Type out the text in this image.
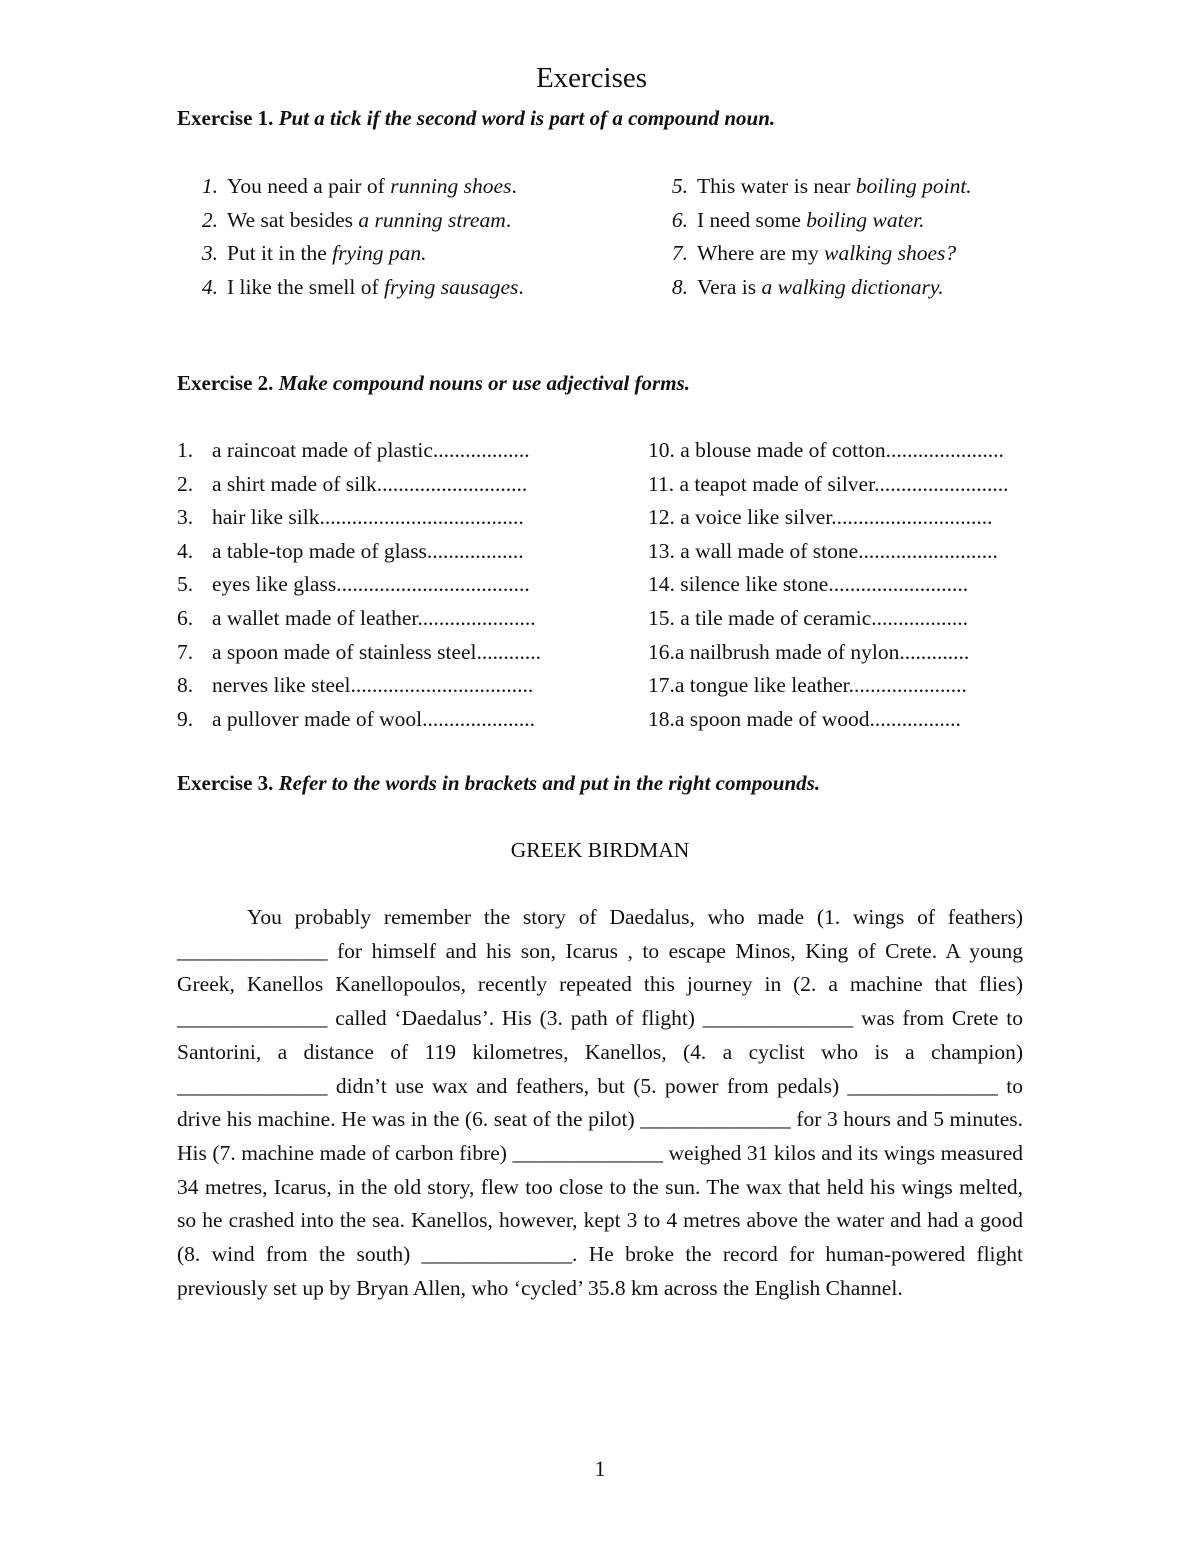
Exercises
Exercise 1. Put a tick if the second word is part of a compound noun.
1. You need a pair of running shoes.
2. We sat besides a running stream.
3. Put it in the frying pan.
4. I like the smell of frying sausages.
5. This water is near boiling point.
6. I need some boiling water.
7. Where are my walking shoes?
8. Vera is a walking dictionary.
Exercise 2. Make compound nouns or use adjectival forms.
1. a raincoat made of plastic..................
2. a shirt made of silk............................
3. hair like silk......................................
4. a table-top made of glass..................
5. eyes like glass....................................
6. a wallet made of leather......................
7. a spoon made of stainless steel............
8. nerves like steel..................................
9. a pullover made of wool.....................
10. a blouse made of cotton......................
11. a teapot made of silver.........................
12. a voice like silver..............................
13. a wall made of stone..........................
14. silence like stone..........................
15. a tile made of ceramic..................
16.a nailbrush made of nylon.............
17.a tongue like leather......................
18.a spoon made of wood.................
Exercise 3. Refer to the words in brackets and put in the right compounds.
GREEK BIRDMAN

You probably remember the story of Daedalus, who made (1. wings of feathers) ______________ for himself and his son, Icarus , to escape Minos, King of Crete. A young Greek, Kanellos Kanellopoulos, recently repeated this journey in (2. a machine that flies) ______________ called ‘Daedalus’. His (3. path of flight) ______________ was from Crete to Santorini, a distance of 119 kilometres, Kanellos, (4. a cyclist who is a champion) ______________ didn’t use wax and feathers, but (5. power from pedals) ______________ to drive his machine. He was in the (6. seat of the pilot) ______________ for 3 hours and 5 minutes. His (7. machine made of carbon fibre) ______________ weighed 31 kilos and its wings measured 34 metres, Icarus, in the old story, flew too close to the sun. The wax that held his wings melted, so he crashed into the sea. Kanellos, however, kept 3 to 4 metres above the water and had a good (8. wind from the south) ______________. He broke the record for human-powered flight previously set up by Bryan Allen, who ‘cycled’ 35.8 km across the English Channel.

1
